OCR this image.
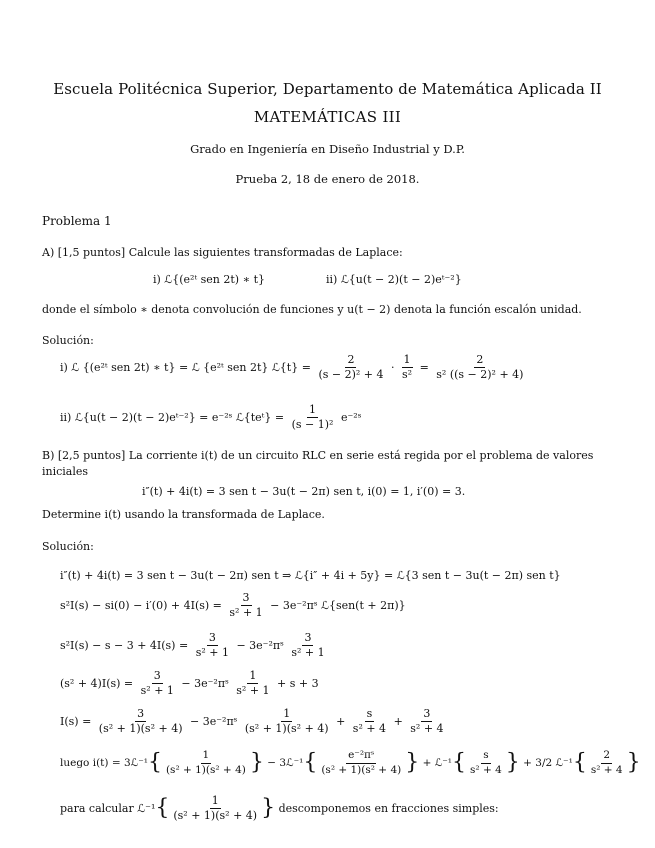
Escuela Politécnica Superior, Departamento de Matemática Aplicada II
MATEMÁTICAS III
Grado en Ingeniería en Diseño Industrial y D.P.
Prueba 2, 18 de enero de 2018.
Problema 1
A) [1,5 puntos] Calcule las siguientes transformadas de Laplace:
i) ℒ{(e²ᵗ sen 2t) ∗ t}	ii) ℒ{u(t − 2)(t − 2)eᵗ⁻²}
donde el símbolo ∗ denota convolución de funciones y u(t − 2) denota la función escalón unidad.
Solución:
i) ℒ {(e²ᵗ sen 2t) ∗ t} = ℒ {e²ᵗ sen 2t} ℒ{t} = $\frac{2}{\text{(s − 2)² + 4}} \cdot \frac{1}{\text{s²}} = \frac{2}{\text{s² ((s − 2)² + 4)}}$
ii) ℒ{u(t − 2)(t − 2)eᵗ⁻²} = e⁻²ˢ ℒ{teᵗ} = $\frac{1}{\text{(s − 1)²}}$ e⁻²ˢ
B) [2,5 puntos] La corriente i(t) de un circuito RLC en serie está regida por el problema de valores
iniciales
i″(t) + 4i(t) = 3 sen t − 3u(t − 2π) sen t, i(0) = 1, i′(0) = 3.
Determine i(t) usando la transformada de Laplace.
Solución:
i″(t) + 4i(t) = 3 sen t − 3u(t − 2π) sen t ⇒ ℒ{i″ + 4i + 5y} = ℒ{3 sen t − 3u(t − 2π) sen t}
$s^2I(s) - si(0) - i'(0) + 4I(s) = \frac{3}{\text{s² + 1}}$ − 3e⁻²πˢ ℒ{sen(t + 2π)}
$s^2I(s) - s - 3 + 4I(s) = \frac{3}{\text{s² + 1}}$ − 3e⁻²πˢ $\frac{3}{\text{s² + 1}}$
$(s^2 + 4)I(s) = \frac{3}{\text{s² + 1}}$ − 3e⁻²πˢ $\frac{1}{\text{s² + 1}} + s + 3$
$I(s) = \frac{3}{\text{(s² + 1)(s² + 4)}}$ − 3e⁻²πˢ $\frac{1}{\text{(s² + 1)(s² + 4)}} + \frac{s}{\text{s² + 4}} + \frac{3}{\text{s² + 4}}$
luego i(t) = 3ℒ⁻¹{ $\frac{1}{\text{(s² + 1)(s² + 4)}}$ } − 3ℒ⁻¹{ $\frac{\text{e⁻²πˢ}}{\text{(s² + 1)(s² + 4)}}$ } + ℒ⁻¹{ $\frac{s}{\text{s² + 4}}$ } + 3/2 ℒ⁻¹{ $\frac{2}{\text{s² + 4}}$ }
para calcular ℒ⁻¹{ $\frac{1}{\text{(s² + 1)(s² + 4)}}$ } descomponemos en fracciones simples:
